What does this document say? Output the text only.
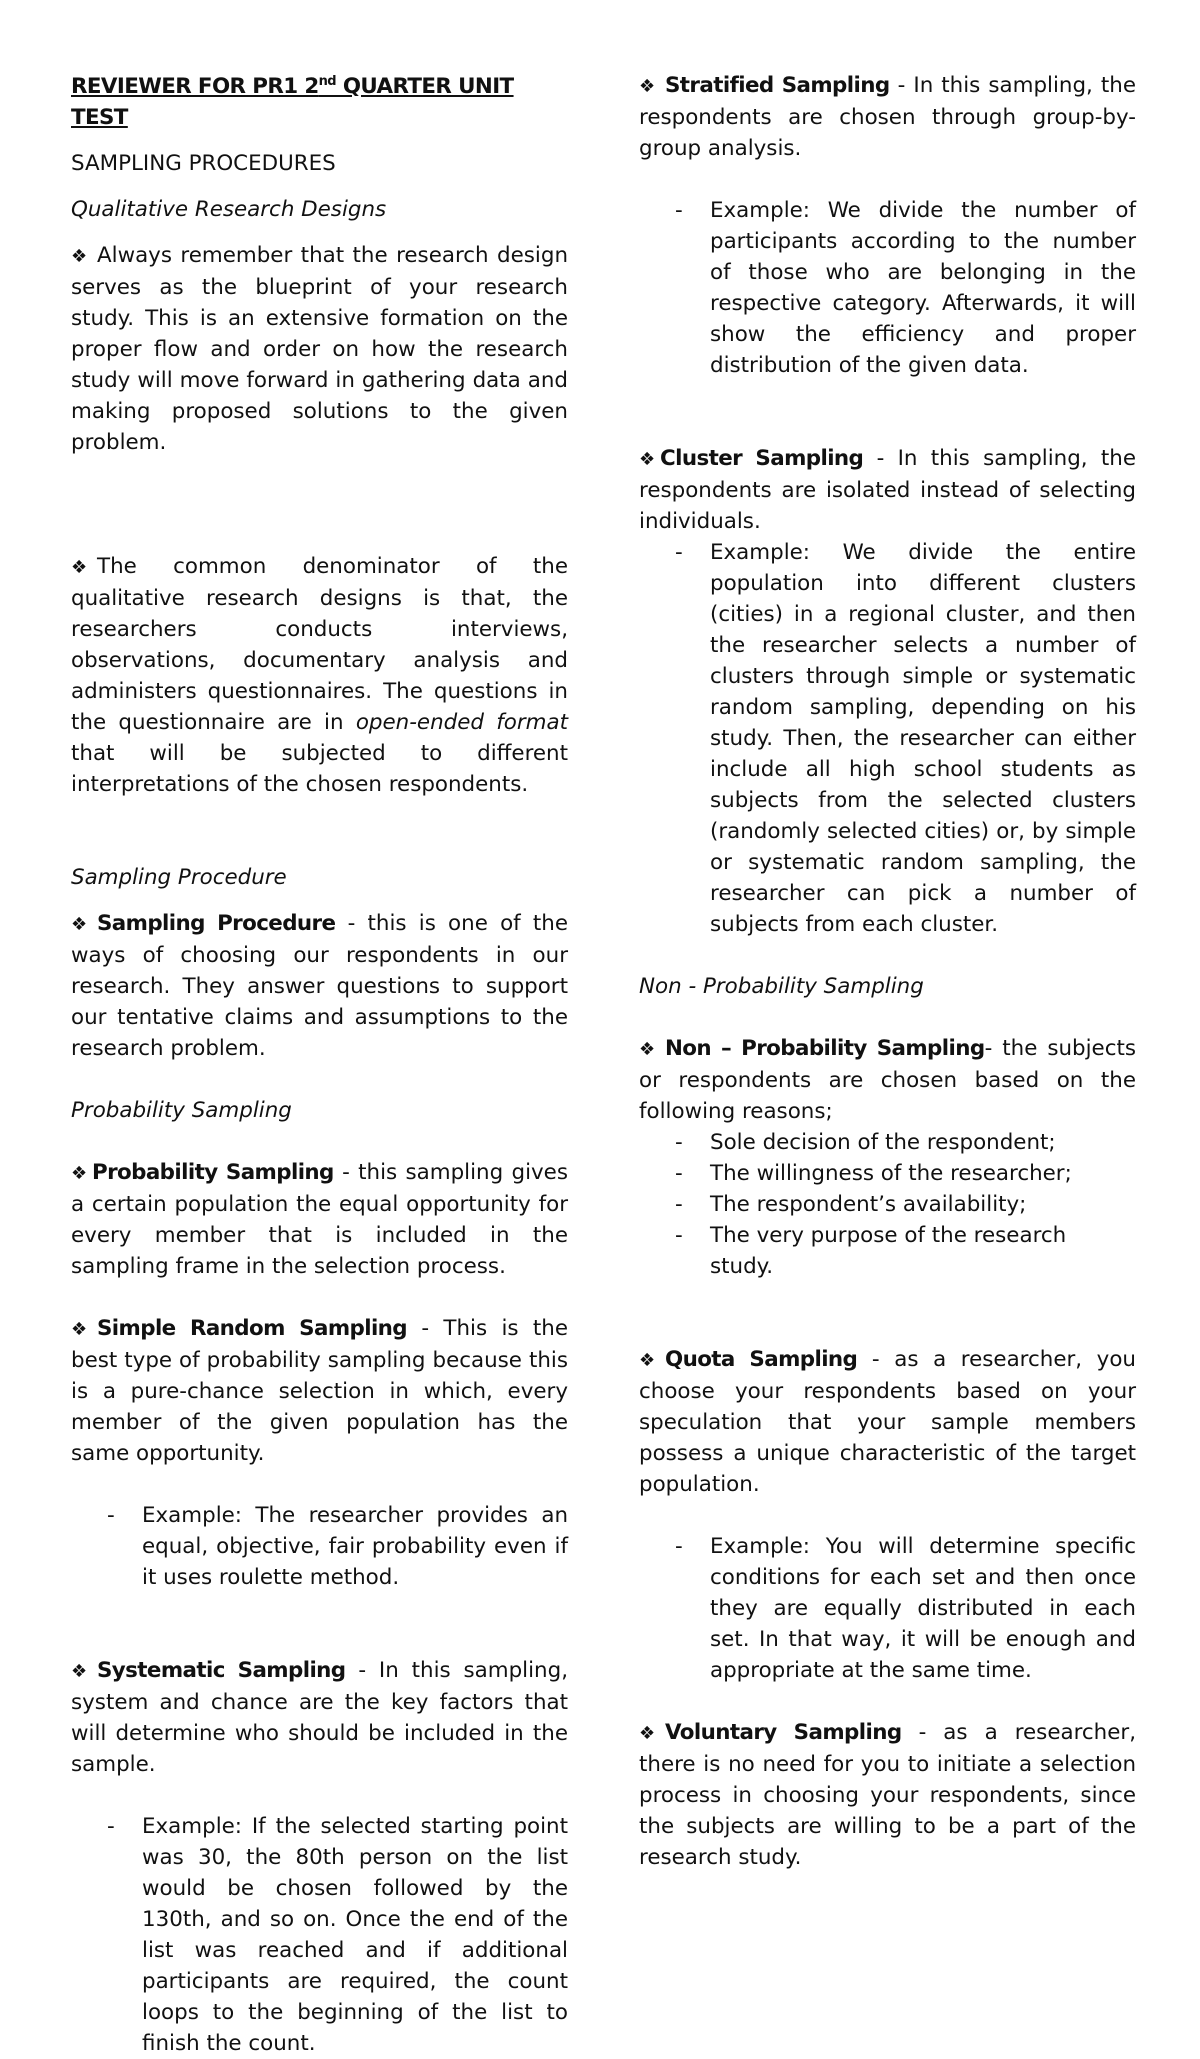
REVIEWER FOR PR1 2nd QUARTER UNIT TEST

SAMPLING PROCEDURES

Qualitative Research Designs

❖ Always remember that the research design serves as the blueprint of your research study. This is an extensive formation on the proper flow and order on how the research study will move forward in gathering data and making proposed solutions to the given problem.

❖ The common denominator of the qualitative research designs is that, the researchers conducts interviews, observations, documentary analysis and administers questionnaires. The questions in the questionnaire are in open-ended format that will be subjected to different interpretations of the chosen respondents.

Sampling Procedure

❖ Sampling Procedure - this is one of the ways of choosing our respondents in our research. They answer questions to support our tentative claims and assumptions to the research problem.

Probability Sampling

❖ Probability Sampling - this sampling gives a certain population the equal opportunity for every member that is included in the sampling frame in the selection process.

❖ Simple Random Sampling - This is the best type of probability sampling because this is a pure-chance selection in which, every member of the given population has the same opportunity.

- Example: The researcher provides an equal, objective, fair probability even if it uses roulette method.

❖ Systematic Sampling - In this sampling, system and chance are the key factors that will determine who should be included in the sample.

- Example: If the selected starting point was 30, the 80th person on the list would be chosen followed by the 130th, and so on. Once the end of the list was reached and if additional participants are required, the count loops to the beginning of the list to finish the count.

❖ Stratified Sampling - In this sampling, the respondents are chosen through group-by-group analysis.

- Example: We divide the number of participants according to the number of those who are belonging in the respective category. Afterwards, it will show the efficiency and proper distribution of the given data.

❖ Cluster Sampling - In this sampling, the respondents are isolated instead of selecting individuals.

- Example: We divide the entire population into different clusters (cities) in a regional cluster, and then the researcher selects a number of clusters through simple or systematic random sampling, depending on his study. Then, the researcher can either include all high school students as subjects from the selected clusters (randomly selected cities) or, by simple or systematic random sampling, the researcher can pick a number of subjects from each cluster.

Non - Probability Sampling

❖ Non – Probability Sampling- the subjects or respondents are chosen based on the following reasons;

- Sole decision of the respondent;
- The willingness of the researcher;
- The respondent’s availability;
- The very purpose of the research study.

❖ Quota Sampling - as a researcher, you choose your respondents based on your speculation that your sample members possess a unique characteristic of the target population.

- Example: You will determine specific conditions for each set and then once they are equally distributed in each set. In that way, it will be enough and appropriate at the same time.

❖ Voluntary Sampling - as a researcher, there is no need for you to initiate a selection process in choosing your respondents, since the subjects are willing to be a part of the research study.
